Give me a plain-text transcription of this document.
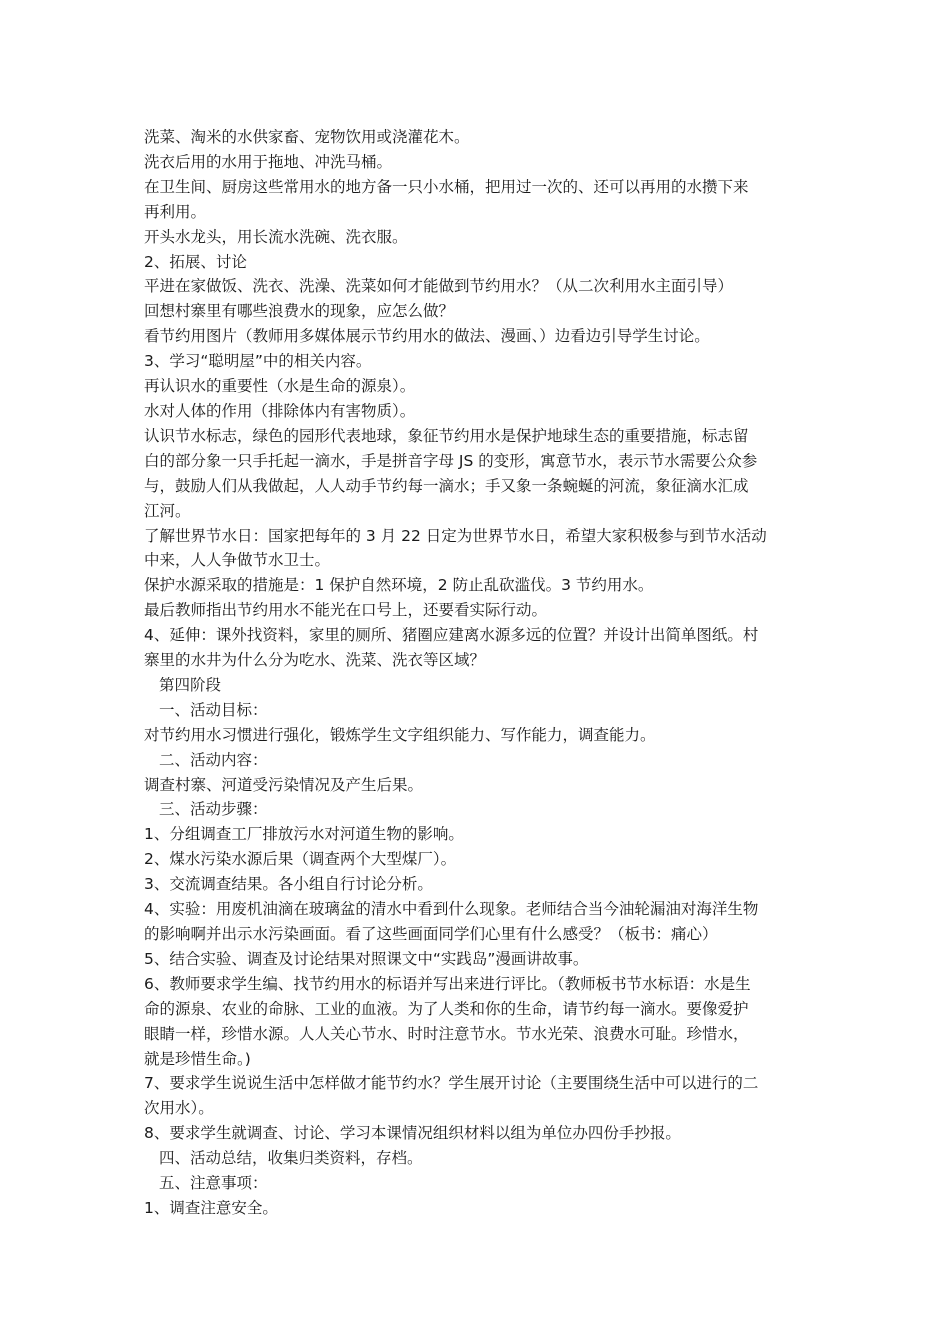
洗菜、淘米的水供家畜、宠物饮用或浇灌花木。

洗衣后用的水用于拖地、冲洗马桶。

在卫生间、厨房这些常用水的地方备一只小水桶，把用过一次的、还可以再用的水攒下来

再利用。

开头水龙头，用长流水洗碗、洗衣服。

2、拓展、讨论

平进在家做饭、洗衣、洗澡、洗菜如何才能做到节约用水？（从二次利用水主面引导）

回想村寨里有哪些浪费水的现象，应怎么做？

看节约用图片（教师用多媒体展示节约用水的做法、漫画、）边看边引导学生讨论。

3、学习“聪明屋”中的相关内容。

再认识水的重要性（水是生命的源泉）。

水对人体的作用（排除体内有害物质）。

认识节水标志，绿色的园形代表地球，象征节约用水是保护地球生态的重要措施，标志留

白的部分象一只手托起一滴水，手是拼音字母 JS 的变形，寓意节水，表示节水需要公众参

与，鼓励人们从我做起，人人动手节约每一滴水；手又象一条蜿蜒的河流，象征滴水汇成

江河。

了解世界节水日：国家把每年的 3 月 22 日定为世界节水日，希望大家积极参与到节水活动

中来，人人争做节水卫士。

保护水源采取的措施是：1 保护自然环境，2 防止乱砍滥伐。3 节约用水。

最后教师指出节约用水不能光在口号上，还要看实际行动。

4、延伸：课外找资料，家里的厕所、猪圈应建离水源多远的位置？并设计出简单图纸。村

寨里的水井为什么分为吃水、洗菜、洗衣等区域？

第四阶段

一、活动目标：

对节约用水习惯进行强化，锻炼学生文字组织能力、写作能力，调查能力。

二、活动内容：

调查村寨、河道受污染情况及产生后果。

三、活动步骤：

1、分组调查工厂排放污水对河道生物的影响。

2、煤水污染水源后果（调查两个大型煤厂）。

3、交流调查结果。各小组自行讨论分析。

4、实验：用废机油滴在玻璃盆的清水中看到什么现象。老师结合当今油轮漏油对海洋生物

的影响啊并出示水污染画面。看了这些画面同学们心里有什么感受？（板书：痛心）

5、结合实验、调查及讨论结果对照课文中“实践岛”漫画讲故事。

6、教师要求学生编、找节约用水的标语并写出来进行评比。（教师板书节水标语：水是生

命的源泉、农业的命脉、工业的血液。为了人类和你的生命，请节约每一滴水。要像爱护

眼睛一样，珍惜水源。人人关心节水、时时注意节水。节水光荣、浪费水可耻。珍惜水，

就是珍惜生命。)

7、要求学生说说生活中怎样做才能节约水？学生展开讨论（主要围绕生活中可以进行的二

次用水）。

8、要求学生就调查、讨论、学习本课情况组织材料以组为单位办四份手抄报。

四、活动总结，收集归类资料，存档。

五、注意事项：

1、调查注意安全。
